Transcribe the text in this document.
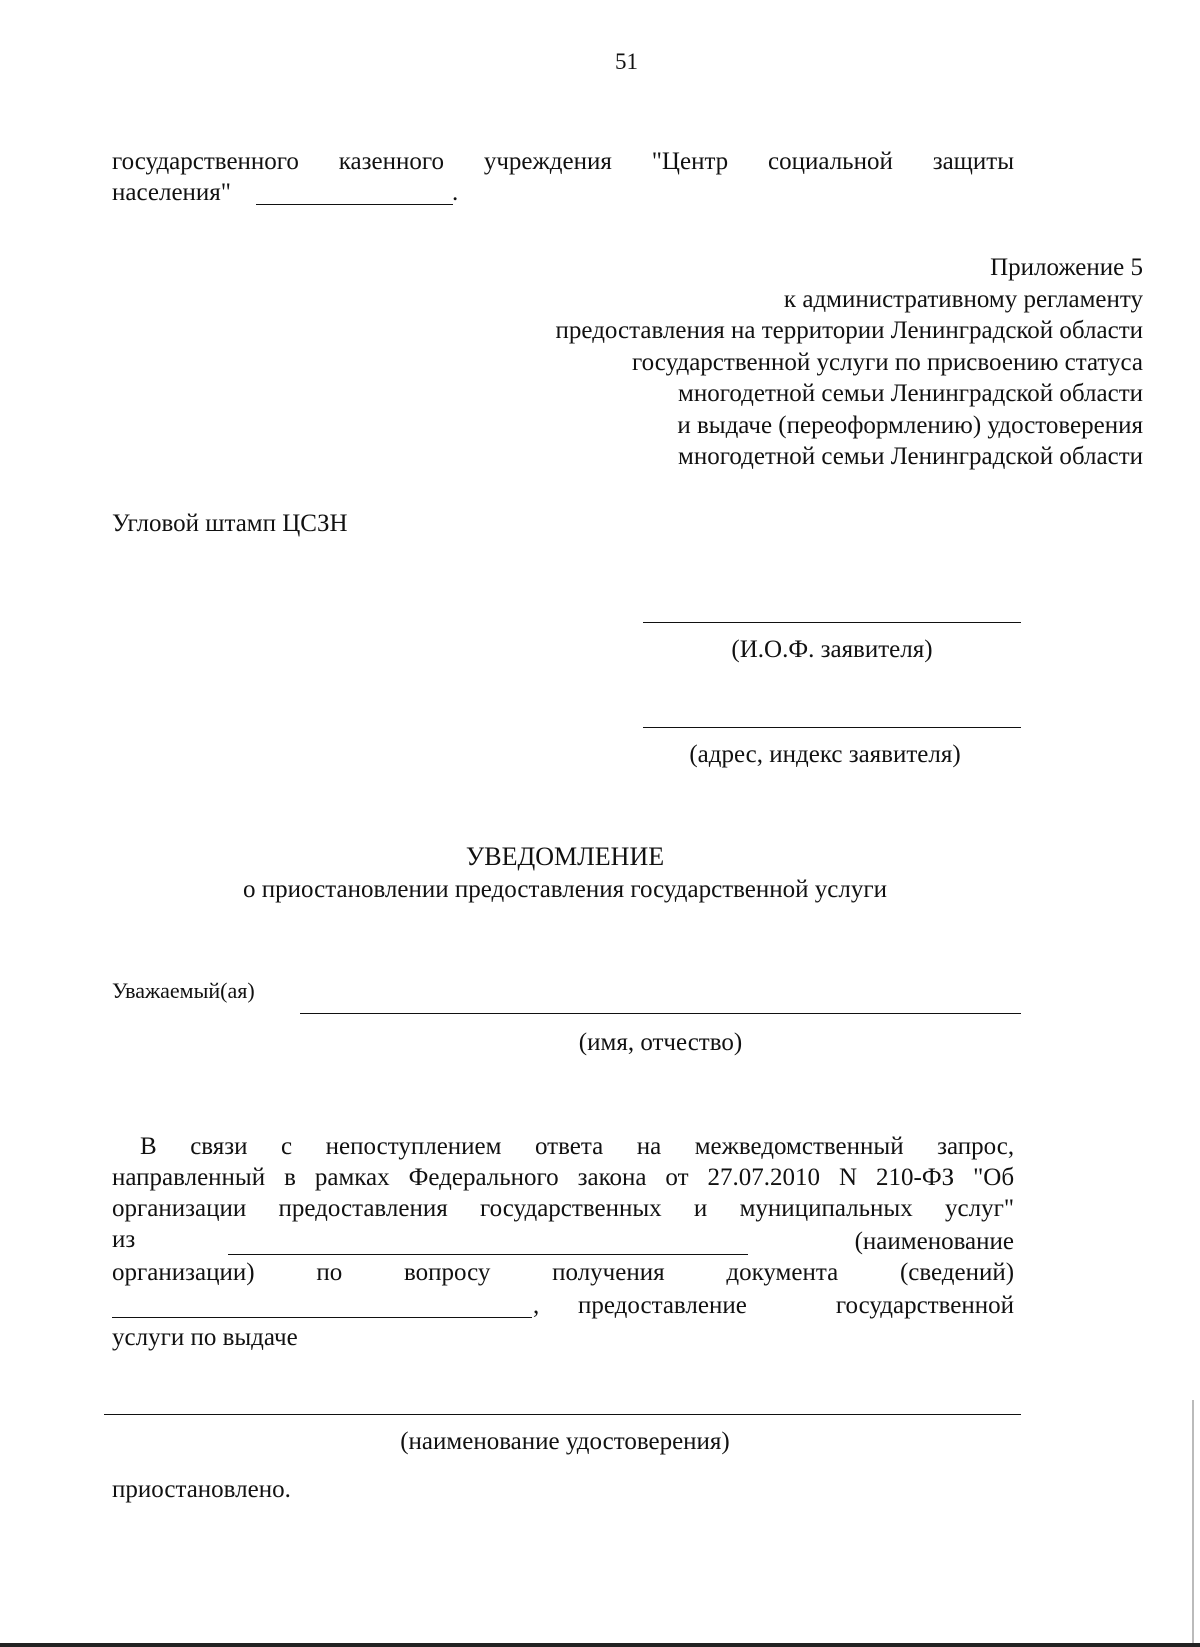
51
государственного казенного учреждения "Центр социальной защиты
населения"	.
Приложение 5
к административному регламенту
предоставления на территории Ленинградской области
государственной услуги по присвоению статуса
многодетной семьи Ленинградской области
и выдаче (переоформлению) удостоверения
многодетной семьи Ленинградской области
Угловой штамп ЦСЗН
(И.О.Ф. заявителя)
(адрес, индекс заявителя)
УВЕДОМЛЕНИЕ
о приостановлении предоставления государственной услуги
Уважаемый(ая)
(имя, отчество)
В связи с непоступлением ответа на межведомственный запрос,
направленный в рамках Федерального закона от 27.07.2010 N 210-ФЗ "Об
организации предоставления государственных и муниципальных услуг"
из	(наименование
организации) по вопросу получения документа (сведений)
, предоставление	государственной
услуги по выдаче
(наименование удостоверения)
приостановлено.
